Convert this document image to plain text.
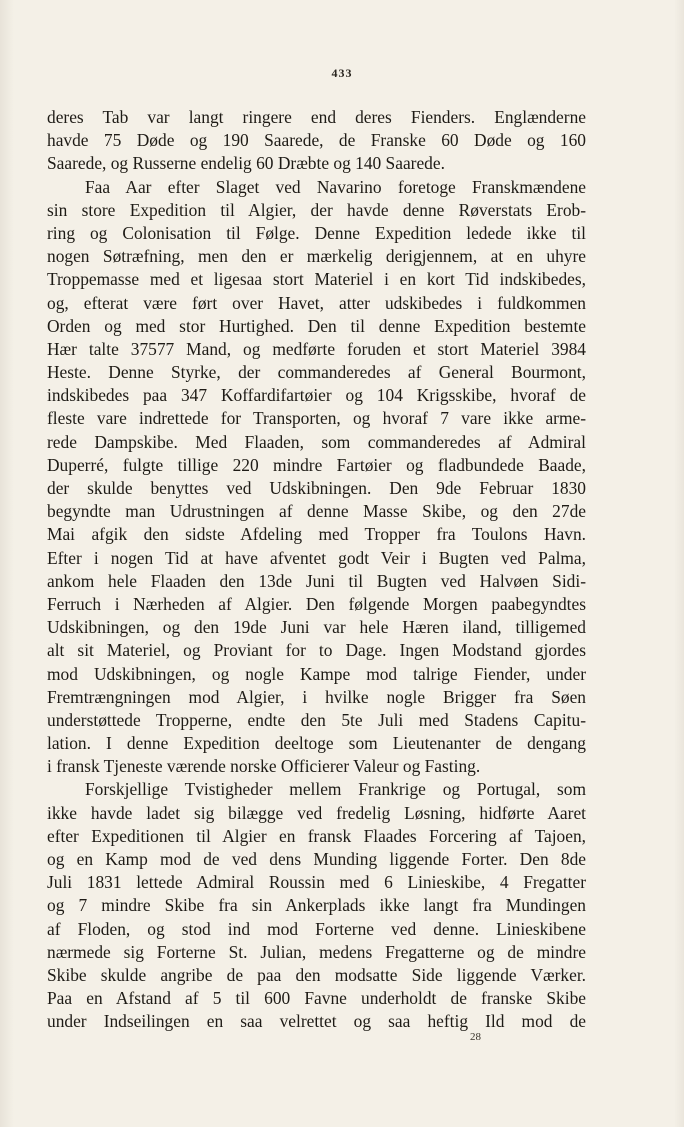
433
deres Tab var langt ringere end deres Fienders. Englænderne
havde 75 Døde og 190 Saarede, de Franske 60 Døde og 160
Saarede, og Russerne endelig 60 Dræbte og 140 Saarede.
Faa Aar efter Slaget ved Navarino foretoge Franskmændene
sin store Expedition til Algier, der havde denne Røverstats Erob-
ring og Colonisation til Følge. Denne Expedition ledede ikke til
nogen Søtræfning, men den er mærkelig derigjennem, at en uhyre
Troppemasse med et ligesaa stort Materiel i en kort Tid indskibedes,
og, efterat være ført over Havet, atter udskibedes i fuldkommen
Orden og med stor Hurtighed. Den til denne Expedition bestemte
Hær talte 37577 Mand, og medførte foruden et stort Materiel 3984
Heste. Denne Styrke, der commanderedes af General Bourmont,
indskibedes paa 347 Koffardifartøier og 104 Krigsskibe, hvoraf de
fleste vare indrettede for Transporten, og hvoraf 7 vare ikke arme-
rede Dampskibe. Med Flaaden, som commanderedes af Admiral
Duperré, fulgte tillige 220 mindre Fartøier og fladbundede Baade,
der skulde benyttes ved Udskibningen. Den 9de Februar 1830
begyndte man Udrustningen af denne Masse Skibe, og den 27de
Mai afgik den sidste Afdeling med Tropper fra Toulons Havn.
Efter i nogen Tid at have afventet godt Veir i Bugten ved Palma,
ankom hele Flaaden den 13de Juni til Bugten ved Halvøen Sidi-
Ferruch i Nærheden af Algier. Den følgende Morgen paabegyndtes
Udskibningen, og den 19de Juni var hele Hæren iland, tilligemed
alt sit Materiel, og Proviant for to Dage. Ingen Modstand gjordes
mod Udskibningen, og nogle Kampe mod talrige Fiender, under
Fremtrængningen mod Algier, i hvilke nogle Brigger fra Søen
understøttede Tropperne, endte den 5te Juli med Stadens Capitu-
lation. I denne Expedition deeltoge som Lieutenanter de dengang
i fransk Tjeneste værende norske Officierer Valeur og Fasting.
Forskjellige Tvistigheder mellem Frankrige og Portugal, som
ikke havde ladet sig bilægge ved fredelig Løsning, hidførte Aaret
efter Expeditionen til Algier en fransk Flaades Forcering af Tajoen,
og en Kamp mod de ved dens Munding liggende Forter. Den 8de
Juli 1831 lettede Admiral Roussin med 6 Linieskibe, 4 Fregatter
og 7 mindre Skibe fra sin Ankerplads ikke langt fra Mundingen
af Floden, og stod ind mod Forterne ved denne. Linieskibene
nærmede sig Forterne St. Julian, medens Fregatterne og de mindre
Skibe skulde angribe de paa den modsatte Side liggende Værker.
Paa en Afstand af 5 til 600 Favne underholdt de franske Skibe
under Indseilingen en saa velrettet og saa heftig Ild mod de
28
